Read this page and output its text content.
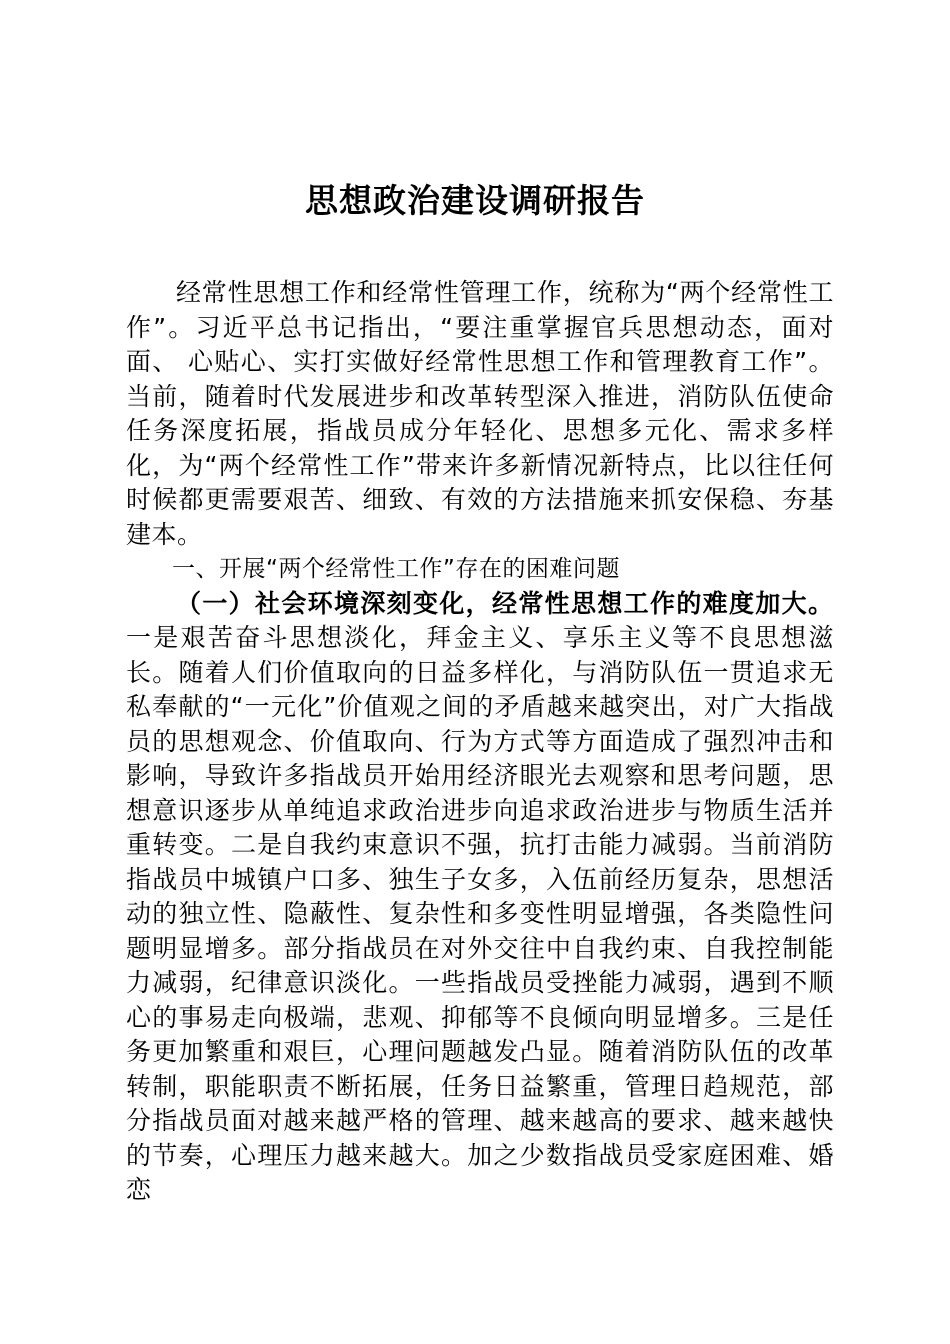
思想政治建设调研报告

经常性思想工作和经常性管理工作，统称为“两个经常性工作”。习近平总书记指出，“要注重掌握官兵思想动态，面对面、 心贴心、实打实做好经常性思想工作和管理教育工作”。当前，随着时代发展进步和改革转型深入推进，消防队伍使命任务深度拓展，指战员成分年轻化、思想多元化、需求多样化，为“两个经常性工作”带来许多新情况新特点，比以往任何时候都更需要艰苦、细致、有效的方法措施来抓安保稳、夯基建本。

一、开展“两个经常性工作”存在的困难问题

（一）社会环境深刻变化，经常性思想工作的难度加大。一是艰苦奋斗思想淡化，拜金主义、享乐主义等不良思想滋长。随着人们价值取向的日益多样化，与消防队伍一贯追求无私奉献的“一元化”价值观之间的矛盾越来越突出，对广大指战员的思想观念、价值取向、行为方式等方面造成了强烈冲击和影响，导致许多指战员开始用经济眼光去观察和思考问题，思想意识逐步从单纯追求政治进步向追求政治进步与物质生活并重转变。二是自我约束意识不强，抗打击能力减弱。当前消防指战员中城镇户口多、独生子女多，入伍前经历复杂，思想活动的独立性、隐蔽性、复杂性和多变性明显增强，各类隐性问题明显增多。部分指战员在对外交往中自我约束、自我控制能力减弱，纪律意识淡化。一些指战员受挫能力减弱，遇到不顺心的事易走向极端，悲观、抑郁等不良倾向明显增多。三是任务更加繁重和艰巨，心理问题越发凸显。随着消防队伍的改革转制，职能职责不断拓展，任务日益繁重，管理日趋规范，部分指战员面对越来越严格的管理、越来越高的要求、越来越快的节奏，心理压力越来越大。加之少数指战员受家庭困难、婚恋
